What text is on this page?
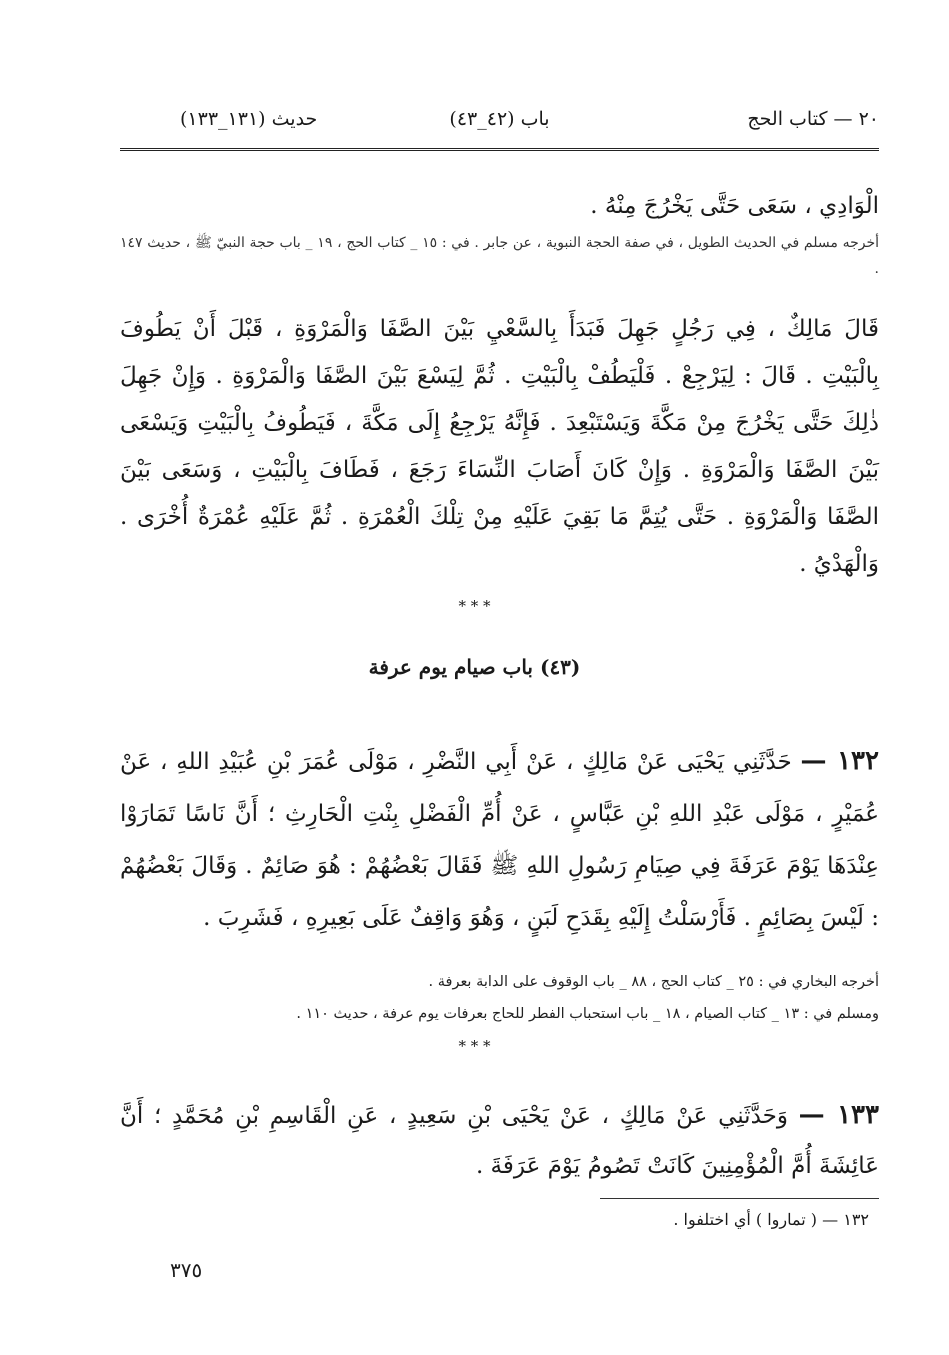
٢٠ — كتاب الحج
(٤٢_٤٣) باب
(١٣١_١٣٣) حديث
الْوَادِي ، سَعَى حَتَّى يَخْرُجَ مِنْهُ .
أخرجه مسلم في الحديث الطويل ، في صفة الحجة النبوية ، عن جابر . في : ١٥ _ كتاب الحج ، ١٩ _ باب حجة النبيّ ﷺ ، حديث ١٤٧ .
قَالَ مَالِكٌ ، فِي رَجُلٍ جَهِلَ فَبَدَأَ بِالسَّعْيِ بَيْنَ الصَّفَا وَالْمَرْوَةِ ، قَبْلَ أَنْ يَطُوفَ بِالْبَيْتِ . قَالَ : لِيَرْجِعْ . فَلْيَطُفْ بِالْبَيْتِ . ثُمَّ لِيَسْعَ بَيْنَ الصَّفَا وَالْمَرْوَةِ . وَإِنْ جَهِلَ ذٰلِكَ حَتَّى يَخْرُجَ مِنْ مَكَّةَ وَيَسْتَبْعِدَ . فَإِنَّهُ يَرْجِعُ إِلَى مَكَّةَ ، فَيَطُوفُ بِالْبَيْتِ وَيَسْعَى بَيْنَ الصَّفَا وَالْمَرْوَةِ . وَإِنْ كَانَ أَصَابَ النِّسَاءَ رَجَعَ ، فَطَافَ بِالْبَيْتِ ، وَسَعَى بَيْنَ الصَّفَا وَالْمَرْوَةِ . حَتَّى يُتِمَّ مَا بَقِيَ عَلَيْهِ مِنْ تِلْكَ الْعُمْرَةِ . ثُمَّ عَلَيْهِ عُمْرَةٌ أُخْرَى . وَالْهَدْيُ .
* * *
(٤٣) باب صيام يوم عرفة
١٣٢ — حَدَّثَنِي يَحْيَى عَنْ مَالِكٍ ، عَنْ أَبِي النَّضْرِ ، مَوْلَى عُمَرَ بْنِ عُبَيْدِ اللهِ ، عَنْ عُمَيْرٍ ، مَوْلَى عَبْدِ اللهِ بْنِ عَبَّاسٍ ، عَنْ أُمِّ الْفَضْلِ بِنْتِ الْحَارِثِ ؛ أَنَّ نَاسًا تَمَارَوْا عِنْدَهَا يَوْمَ عَرَفَةَ فِي صِيَامِ رَسُولِ اللهِ ﷺ فَقَالَ بَعْضُهُمْ : هُوَ صَائِمٌ . وَقَالَ بَعْضُهُمْ : لَيْسَ بِصَائِمٍ . فَأَرْسَلْتُ إِلَيْهِ بِقَدَحِ لَبَنٍ ، وَهُوَ وَاقِفٌ عَلَى بَعِيرِهِ ، فَشَرِبَ .
أخرجه البخاري في : ٢٥ _ كتاب الحج ، ٨٨ _ باب الوقوف على الدابة بعرفة .
ومسلم في : ١٣ _ كتاب الصيام ، ١٨ _ باب استحباب الفطر للحاج بعرفات يوم عرفة ، حديث ١١٠ .
* * *
١٣٣ — وَحَدَّثَنِي عَنْ مَالِكٍ ، عَنْ يَحْيَى بْنِ سَعِيدٍ ، عَنِ الْقَاسِمِ بْنِ مُحَمَّدٍ ؛ أَنَّ عَائِشَةَ أُمَّ الْمُؤْمِنِينَ كَانَتْ تَصُومُ يَوْمَ عَرَفَةَ .
١٣٢ — ( تماروا ) أي اختلفوا .
٣٧٥
